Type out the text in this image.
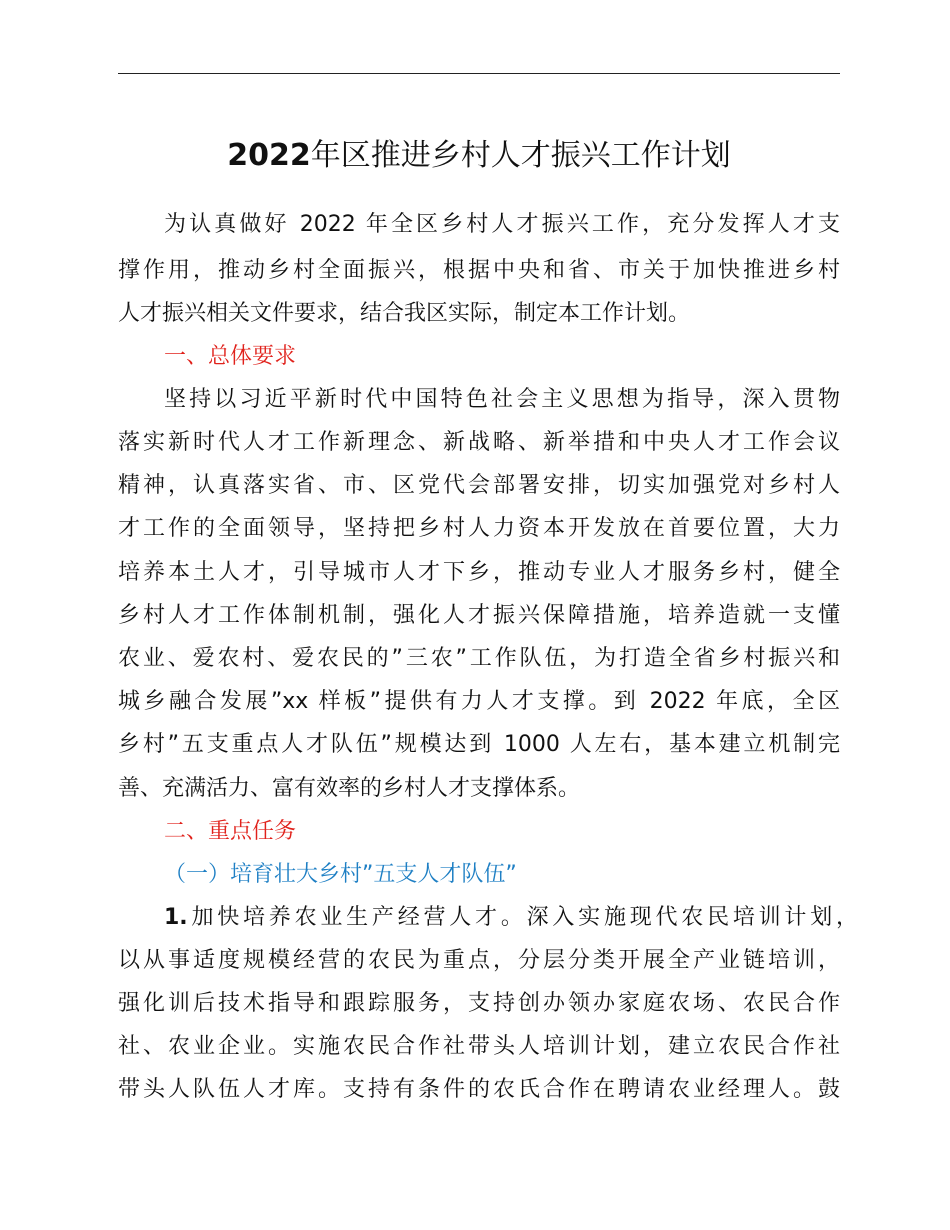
2022年区推进乡村人才振兴工作计划
为认真做好 2022 年全区乡村人才振兴工作，充分发挥人才支
撑作用，推动乡村全面振兴，根据中央和省、市关于加快推进乡村
人才振兴相关文件要求，结合我区实际，制定本工作计划。
一、总体要求
坚持以习近平新时代中国特色社会主义思想为指导，深入贯物
落实新时代人才工作新理念、新战略、新举措和中央人才工作会议
精神，认真落实省、市、区党代会部署安排，切实加强党对乡村人
才工作的全面领导，坚持把乡村人力资本开发放在首要位置，大力
培养本土人才，引导城市人才下乡，推动专业人才服务乡村，健全
乡村人才工作体制机制，强化人才振兴保障措施，培养造就一支懂
农业、爱农村、爱农民的”三农”工作队伍，为打造全省乡村振兴和
城乡融合发展”xx 样板”提供有力人才支撑。到 2022 年底，全区
乡村”五支重点人才队伍”规模达到 1000 人左右，基本建立机制完
善、充满活力、富有效率的乡村人才支撑体系。
二、重点任务
（一）培育壮大乡村”五支人才队伍”
1.加快培养农业生产经营人才。深入实施现代农民培训计划，
以从事适度规模经营的农民为重点，分层分类开展全产业链培训，
强化训后技术指导和跟踪服务，支持创办领办家庭农场、农民合作
社、农业企业。实施农民合作社带头人培训计划，建立农民合作社
带头人队伍人才库。支持有条件的农氏合作在聘请农业经理人。鼓
